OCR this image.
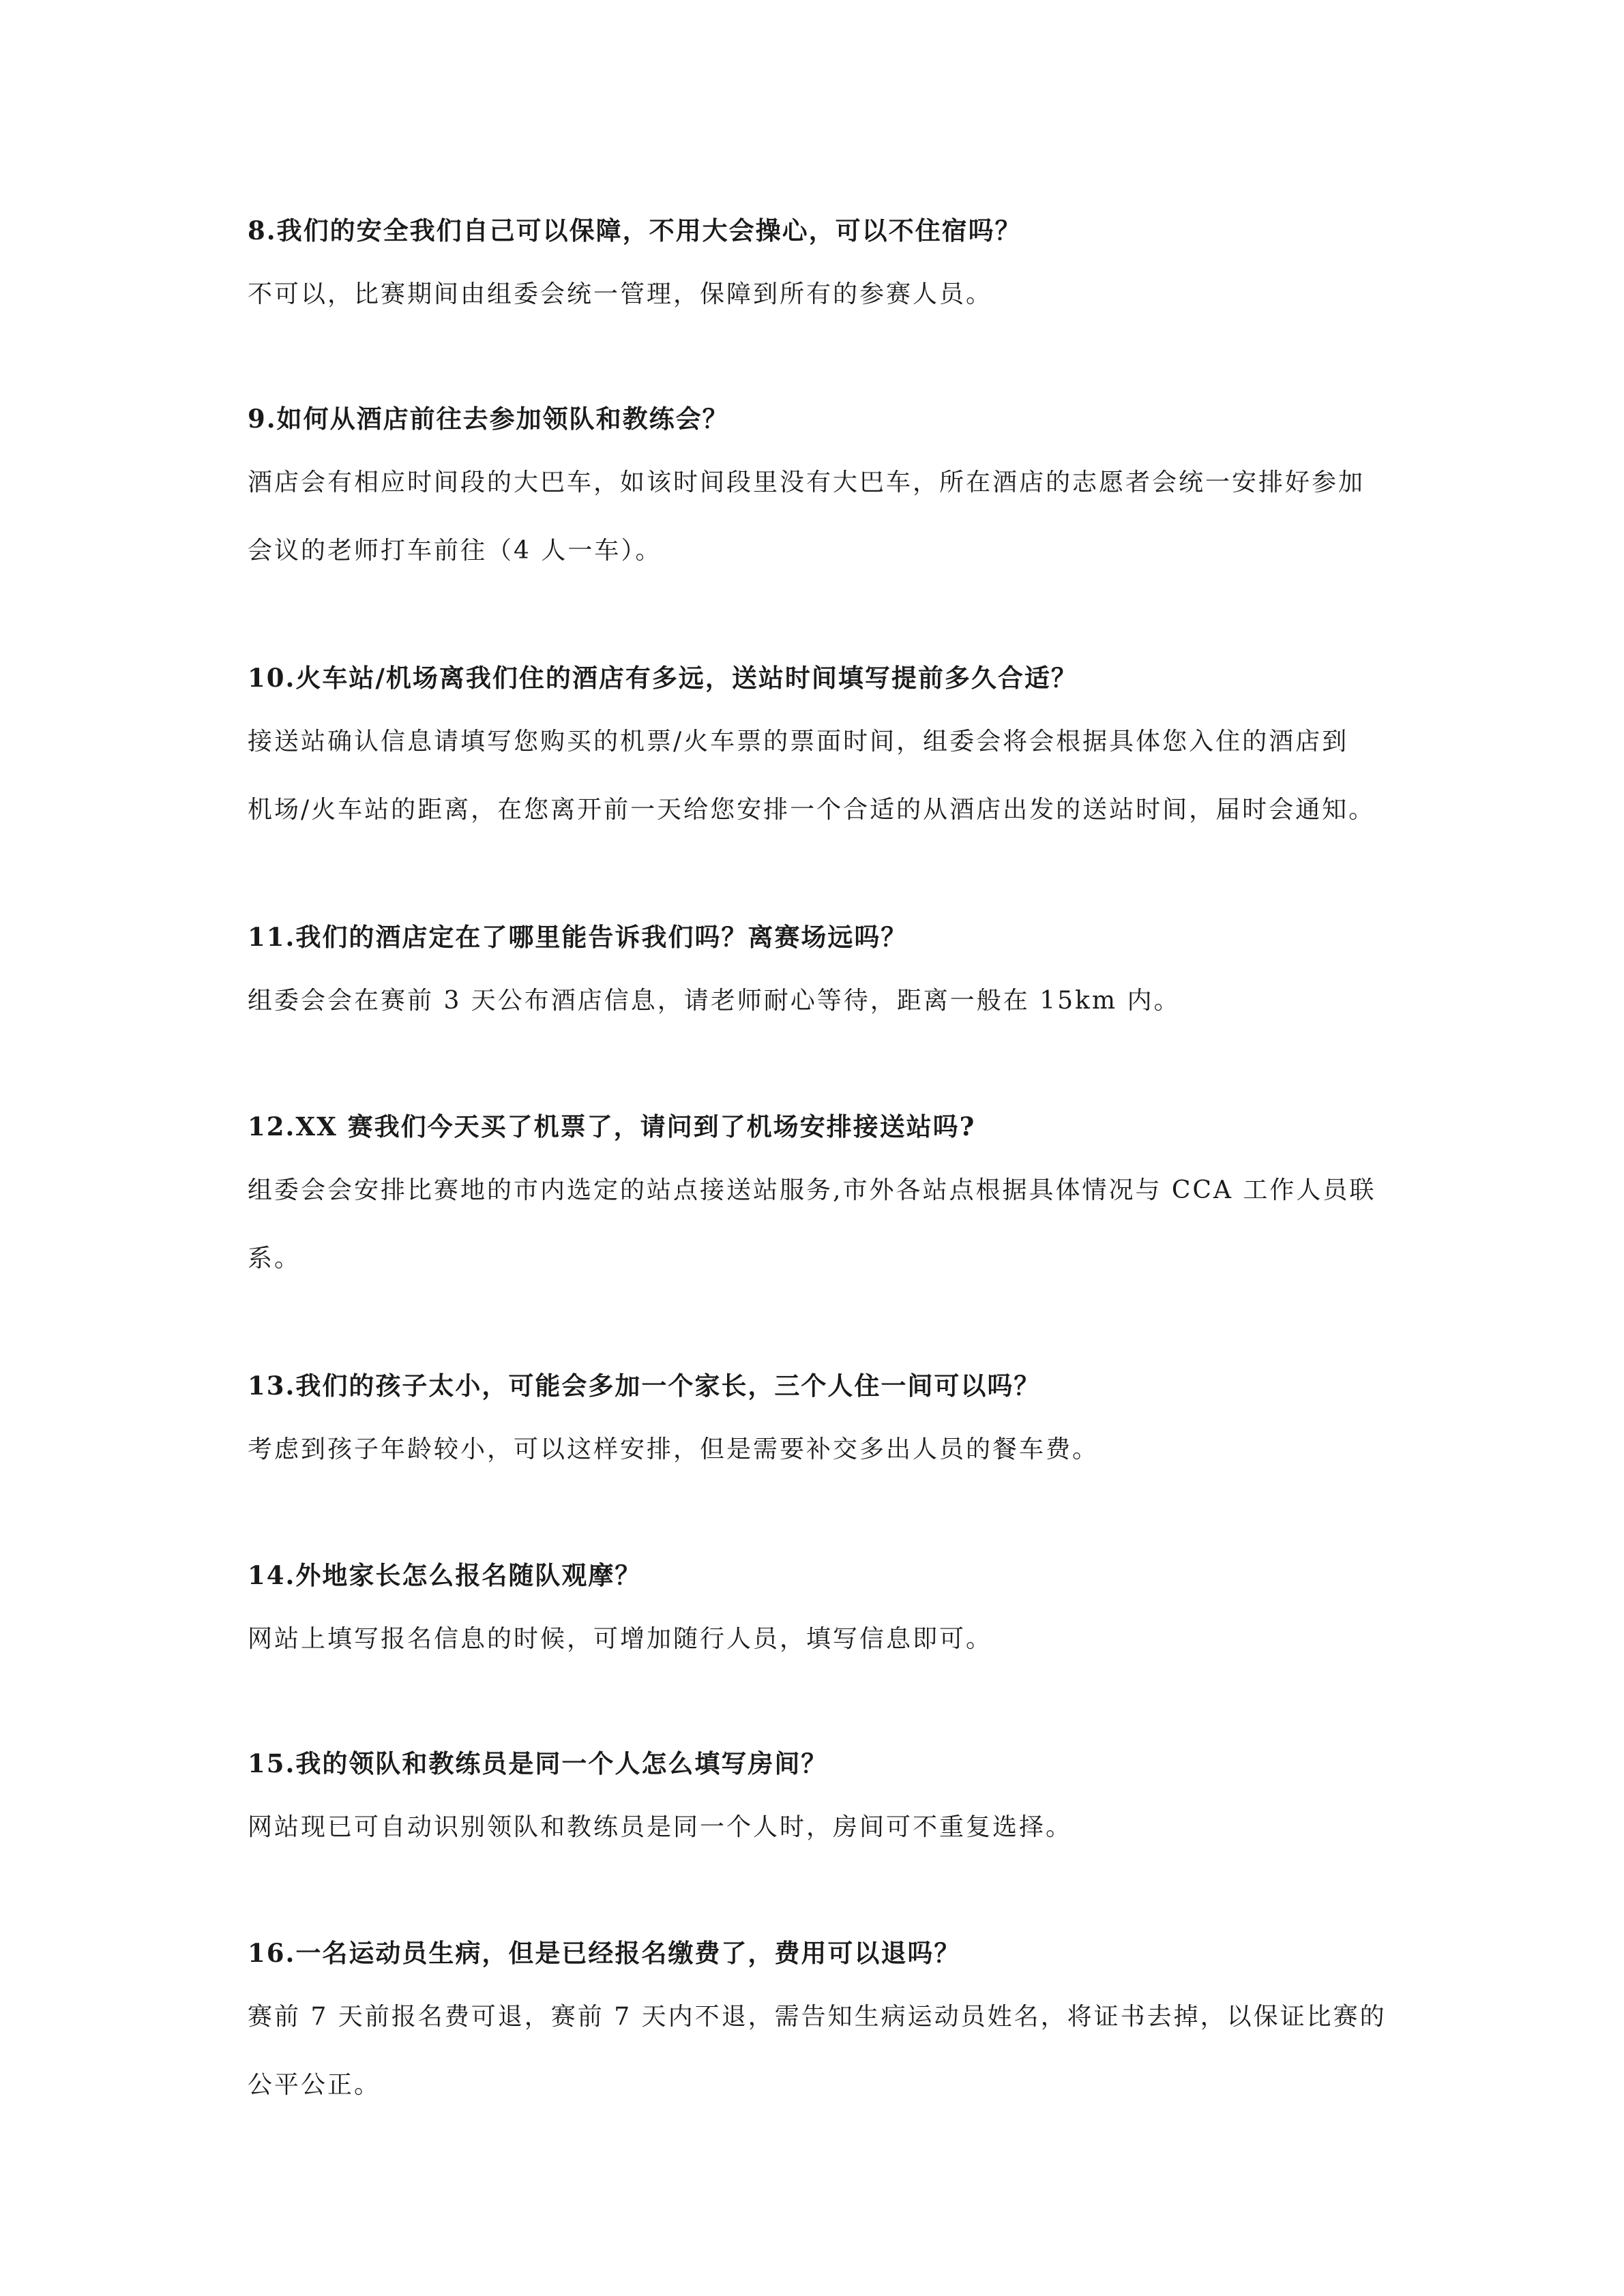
8.我们的安全我们自己可以保障，不用大会操心，可以不住宿吗？

不可以，比赛期间由组委会统一管理，保障到所有的参赛人员。

9.如何从酒店前往去参加领队和教练会？

酒店会有相应时间段的大巴车，如该时间段里没有大巴车，所在酒店的志愿者会统一安排好参加
会议的老师打车前往（4 人一车）。

10.火车站/机场离我们住的酒店有多远，送站时间填写提前多久合适？

接送站确认信息请填写您购买的机票/火车票的票面时间，组委会将会根据具体您入住的酒店到
机场/火车站的距离，在您离开前一天给您安排一个合适的从酒店出发的送站时间，届时会通知。

11.我们的酒店定在了哪里能告诉我们吗？离赛场远吗？

组委会会在赛前 3 天公布酒店信息，请老师耐心等待，距离一般在 15km 内。

12.XX 赛我们今天买了机票了，请问到了机场安排接送站吗?

组委会会安排比赛地的市内选定的站点接送站服务,市外各站点根据具体情况与 CCA 工作人员联
系。

13.我们的孩子太小，可能会多加一个家长，三个人住一间可以吗？

考虑到孩子年龄较小，可以这样安排，但是需要补交多出人员的餐车费。

14.外地家长怎么报名随队观摩？

网站上填写报名信息的时候，可增加随行人员，填写信息即可。

15.我的领队和教练员是同一个人怎么填写房间？

网站现已可自动识别领队和教练员是同一个人时，房间可不重复选择。

16.一名运动员生病，但是已经报名缴费了，费用可以退吗？

赛前 7 天前报名费可退，赛前 7 天内不退，需告知生病运动员姓名，将证书去掉，以保证比赛的
公平公正。
